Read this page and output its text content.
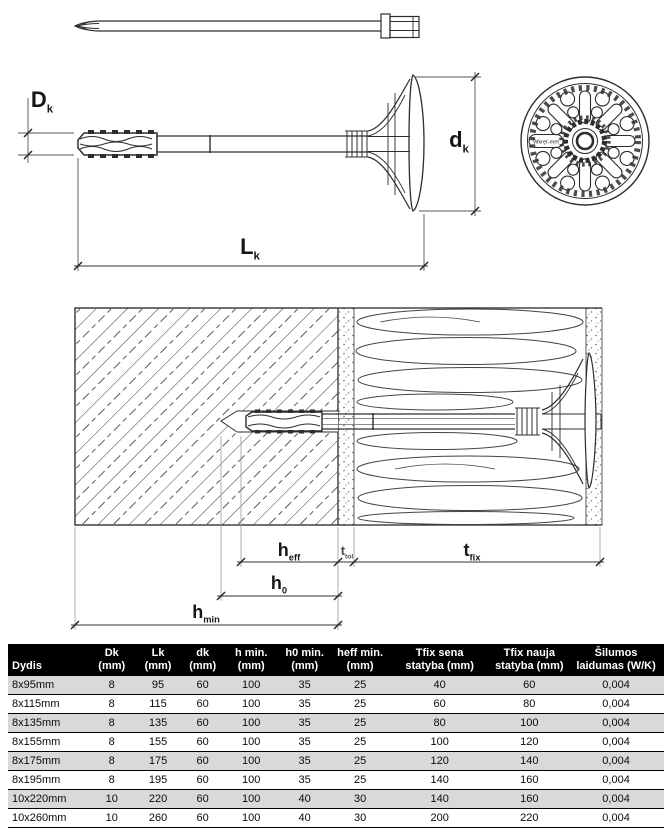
Wkręt-met
$D_k$
$d_k$
$L_k$
$h_{eff}$	$t_{tol}$	$t_{fix}$
$h_0$
$h_{min}$
Dydis

Dk
(mm)

Lk
(mm)

dk
(mm)

h min.
(mm)

h0 min.
(mm)

heff min.
(mm)

Tfix sena
statyba (mm)

Tfix nauja
statyba (mm)

Šilumos
laidumas (W/K)

8x95mm	8	95	60	100	35	25	40	60	0,004
8x115mm	8	115	60	100	35	25	60	80	0,004
8x135mm	8	135	60	100	35	25	80	100	0,004
8x155mm	8	155	60	100	35	25	100	120	0,004
8x175mm	8	175	60	100	35	25	120	140	0,004
8x195mm	8	195	60	100	35	25	140	160	0,004
10x220mm	10	220	60	100	40	30	140	160	0,004
10x260mm	10	260	60	100	40	30	200	220	0,004
